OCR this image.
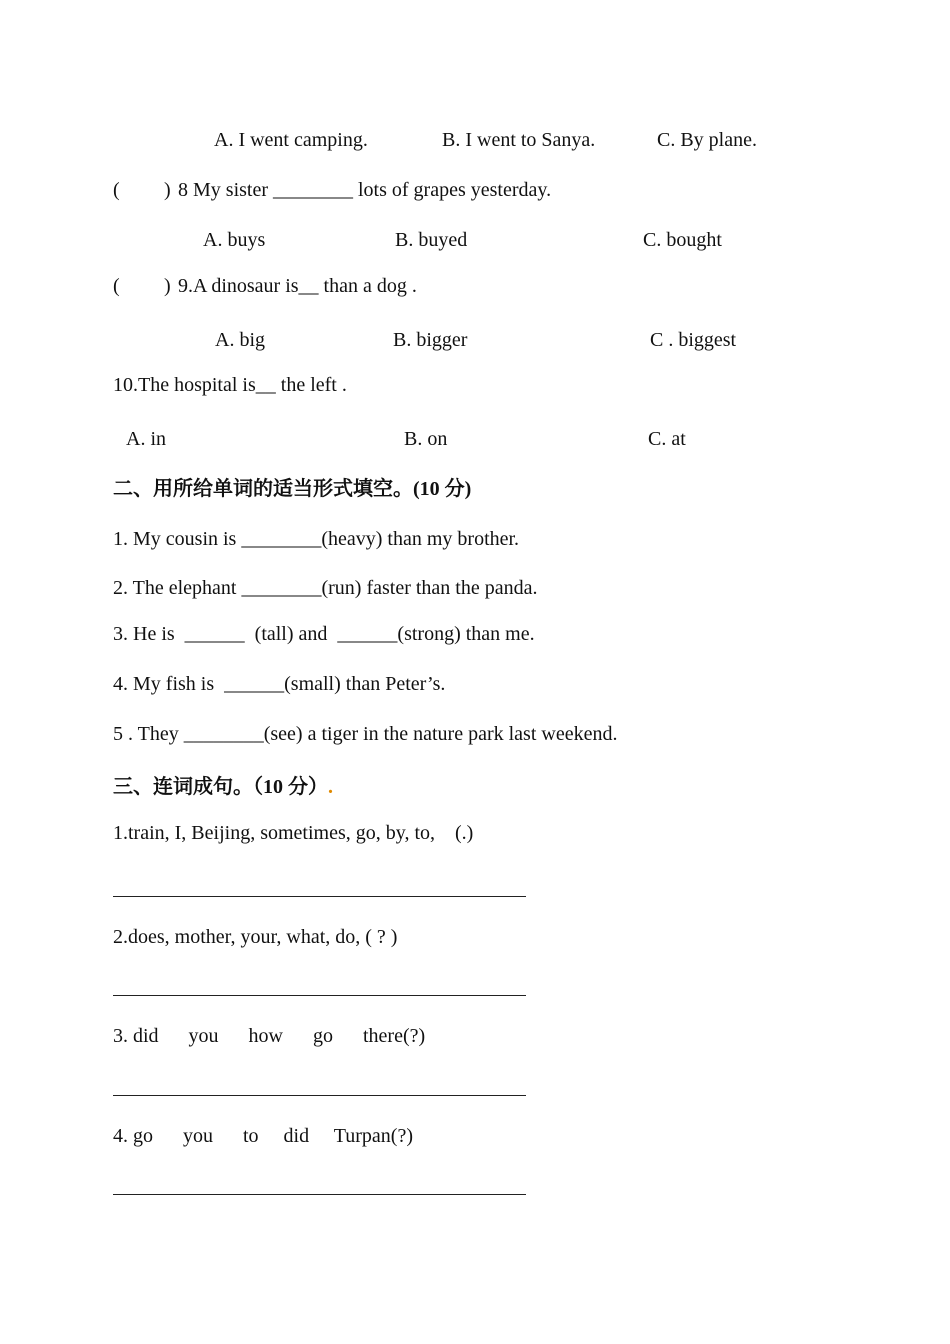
A. I went camping.	B. I went to Sanya.	C. By plane.
( ) 8 My sister ________ lots of grapes yesterday.
A. buys	B. buyed	C. bought
( ) 9.A dinosaur is__ than a dog .
A. big	B. bigger	C . biggest
10.The hospital is__ the left .
A. in	B. on	C. at
二、用所给单词的适当形式填空。(10 分)
1. My cousin is ________(heavy) than my brother.
2. The elephant ________(run) faster than the panda.
3. He is  ______  (tall) and  ______(strong) than me.
4. My fish is  ______(small) than Peter’s.
5 . They ________(see) a tiger in the nature park last weekend.
三、连词成句。（10 分）.
1.train, I, Beijing, sometimes, go, by, to,    (.)
2.does, mother, your, what, do, ( ? )
3. did      you      how      go      there(?)
4. go      you      to     did     Turpan(?)
